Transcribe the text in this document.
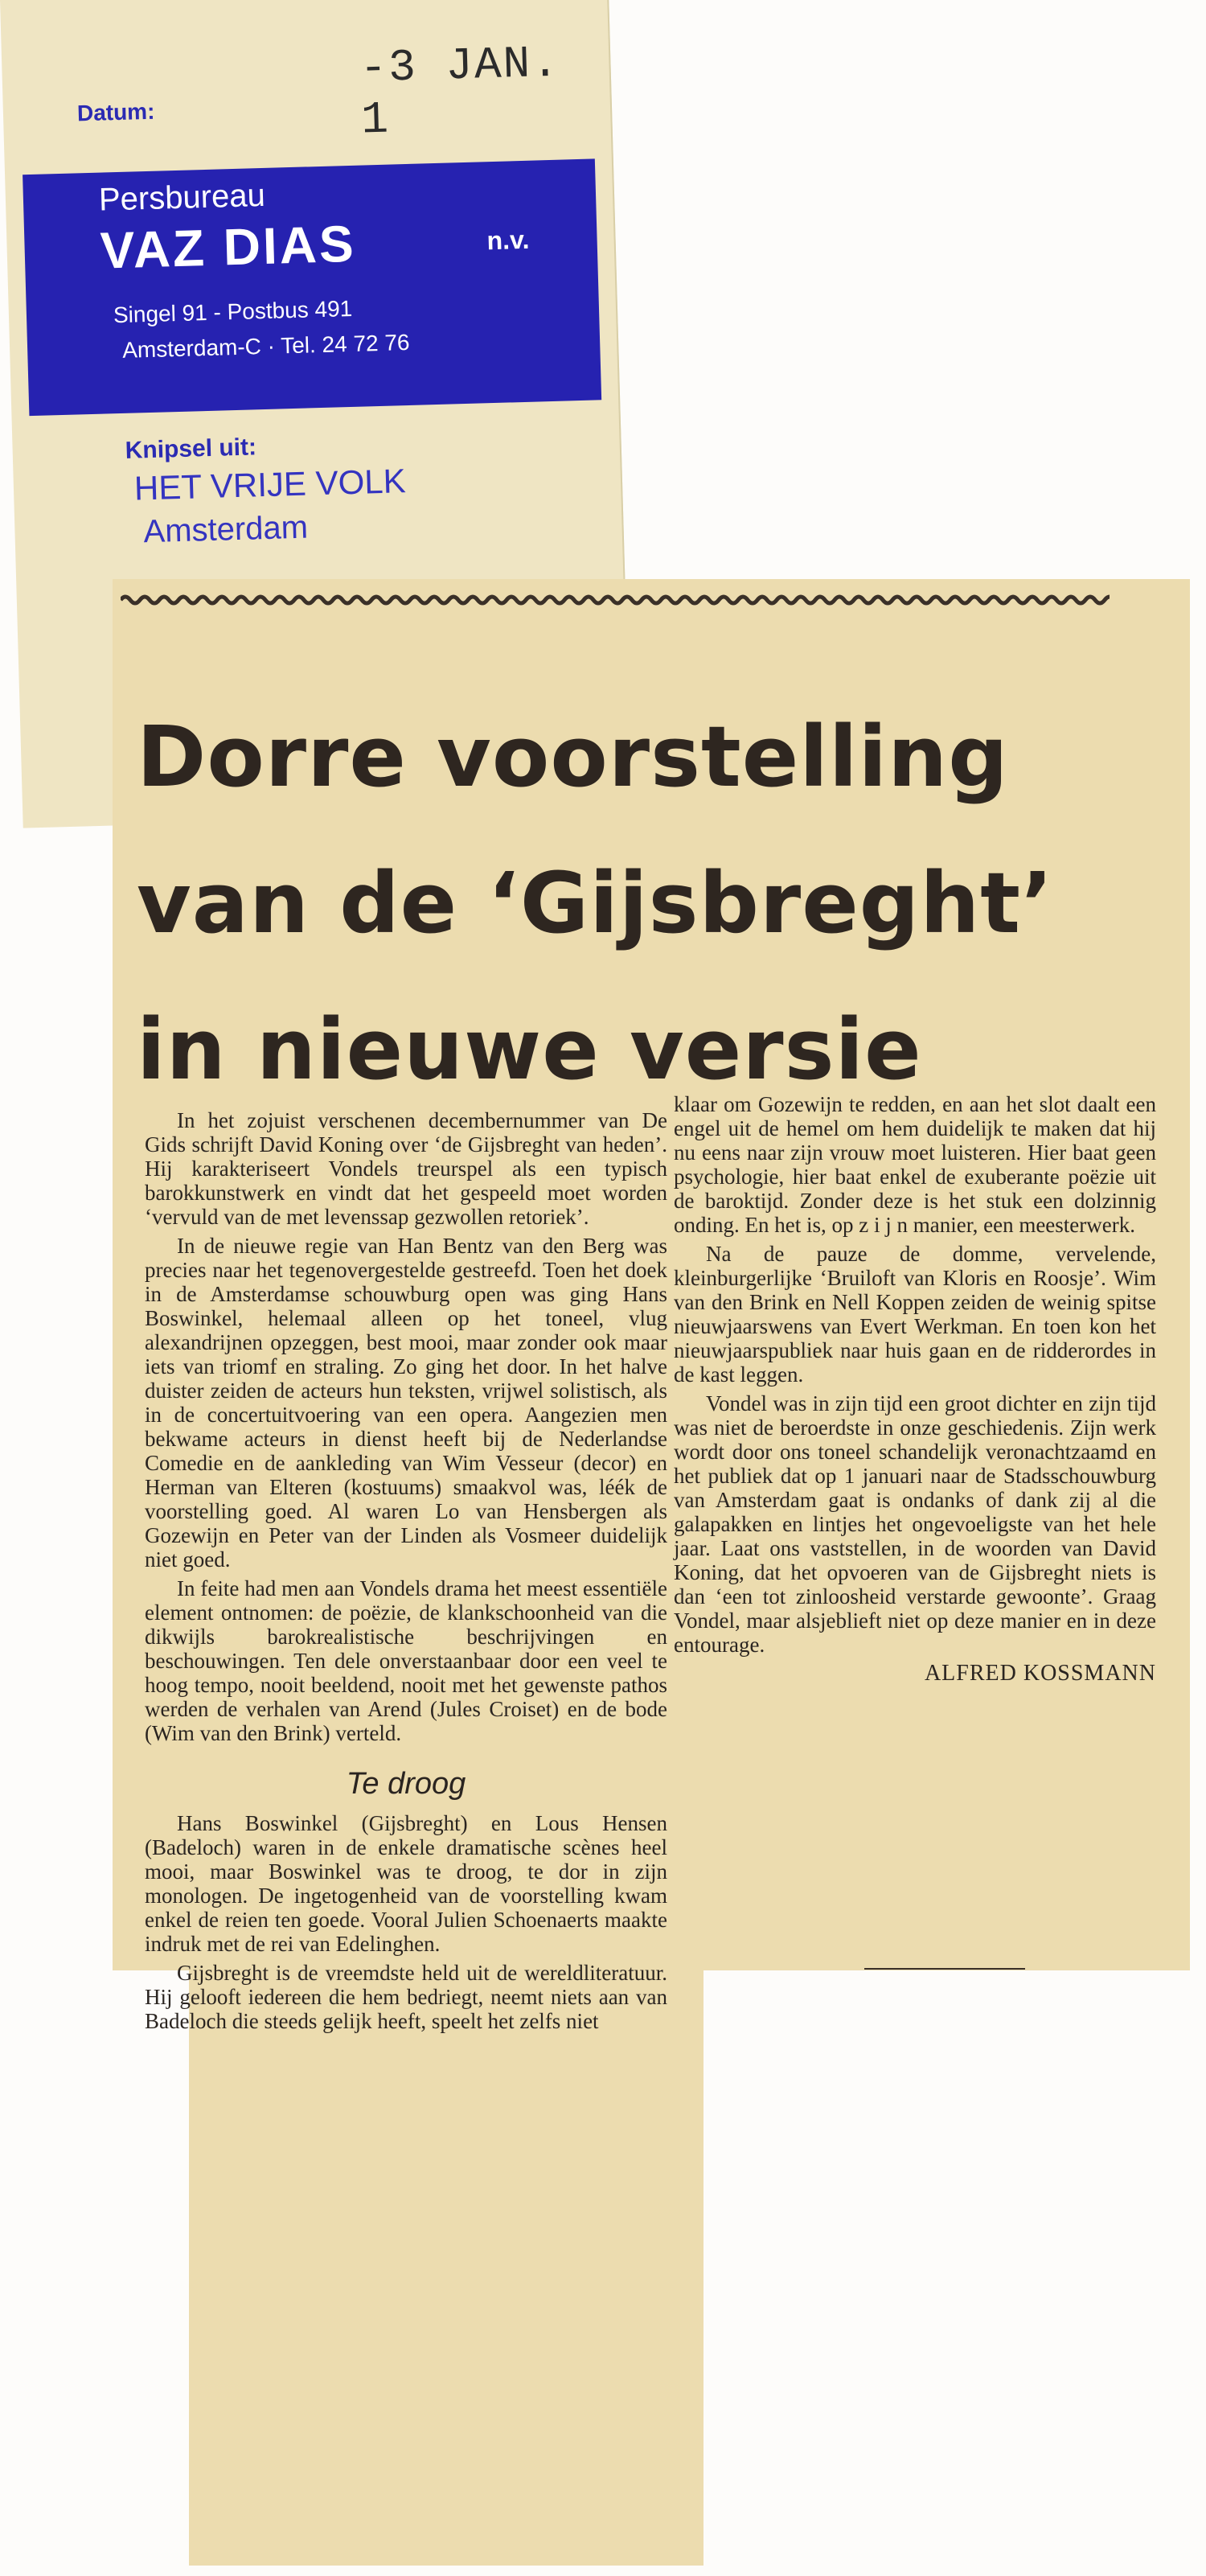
Datum:
-3 JAN. 1
Persbureau
VAZ DIAS	n.v.
Singel 91 - Postbus 491
Amsterdam-C · Tel. 24 72 76
Knipsel uit:
HET VRIJE VOLK
Amsterdam
Dorre voorstelling van de ‘Gijsbreght’ in nieuwe versie

In het zojuist verschenen decembernummer van De Gids schrijft David Koning over ‘de Gijsbreght van heden’. Hij karakteriseert Vondels treurspel als een typisch barokkunstwerk en vindt dat het gespeeld moet worden ‘vervuld van de met levenssap gezwollen retoriek’.

In de nieuwe regie van Han Bentz van den Berg was precies naar het tegenovergestelde gestreefd. Toen het doek in de Amsterdamse schouwburg open was ging Hans Boswinkel, helemaal alleen op het toneel, vlug alexandrijnen opzeggen, best mooi, maar zonder ook maar iets van triomf en straling. Zo ging het door. In het halve duister zeiden de acteurs hun teksten, vrijwel solistisch, als in de concertuitvoering van een opera. Aangezien men bekwame acteurs in dienst heeft bij de Nederlandse Comedie en de aankleding van Wim Vesseur (decor) en Herman van Elteren (kostuums) smaakvol was, léék de voorstelling goed. Al waren Lo van Hensbergen als Gozewijn en Peter van der Linden als Vosmeer duidelijk niet goed.

In feite had men aan Vondels drama het meest essentiële element ontnomen: de poëzie, de klankschoonheid van die dikwijls barokrealistische beschrijvingen en beschouwingen. Ten dele onverstaanbaar door een veel te hoog tempo, nooit beeldend, nooit met het gewenste pathos werden de verhalen van Arend (Jules Croiset) en de bode (Wim van den Brink) verteld.

Te droog

Hans Boswinkel (Gijsbreght) en Lous Hensen (Badeloch) waren in de enkele dramatische scènes heel mooi, maar Boswinkel was te droog, te dor in zijn monologen. De ingetogenheid van de voorstelling kwam enkel de reien ten goede. Vooral Julien Schoenaerts maakte indruk met de rei van Edelinghen.

Gijsbreght is de vreemdste held uit de wereldliteratuur. Hij gelooft iedereen die hem bedriegt, neemt niets aan van Badeloch die steeds gelijk heeft, speelt het zelfs niet

klaar om Gozewijn te redden, en aan het slot daalt een engel uit de hemel om hem duidelijk te maken dat hij nu eens naar zijn vrouw moet luisteren. Hier baat geen psychologie, hier baat enkel de exuberante poëzie uit de baroktijd. Zonder deze is het stuk een dolzinnig onding. En het is, op z i j n manier, een meesterwerk.

Na de pauze de domme, vervelende, kleinburgerlijke ‘Bruiloft van Kloris en Roosje’. Wim van den Brink en Nell Koppen zeiden de weinig spitse nieuwjaarswens van Evert Werkman. En toen kon het nieuwjaarspubliek naar huis gaan en de ridderordes in de kast leggen.

Vondel was in zijn tijd een groot dichter en zijn tijd was niet de beroerdste in onze geschiedenis. Zijn werk wordt door ons toneel schandelijk veronachtzaamd en het publiek dat op 1 januari naar de Stadsschouwburg van Amsterdam gaat is ondanks of dank zij al die galapakken en lintjes het ongevoeligste van het hele jaar. Laat ons vaststellen, in de woorden van David Koning, dat het opvoeren van de Gijsbreght niets is dan ‘een tot zinloosheid verstarde gewoonte’. Graag Vondel, maar alsjeblieft niet op deze manier en in deze entourage.

ALFRED KOSSMANN
